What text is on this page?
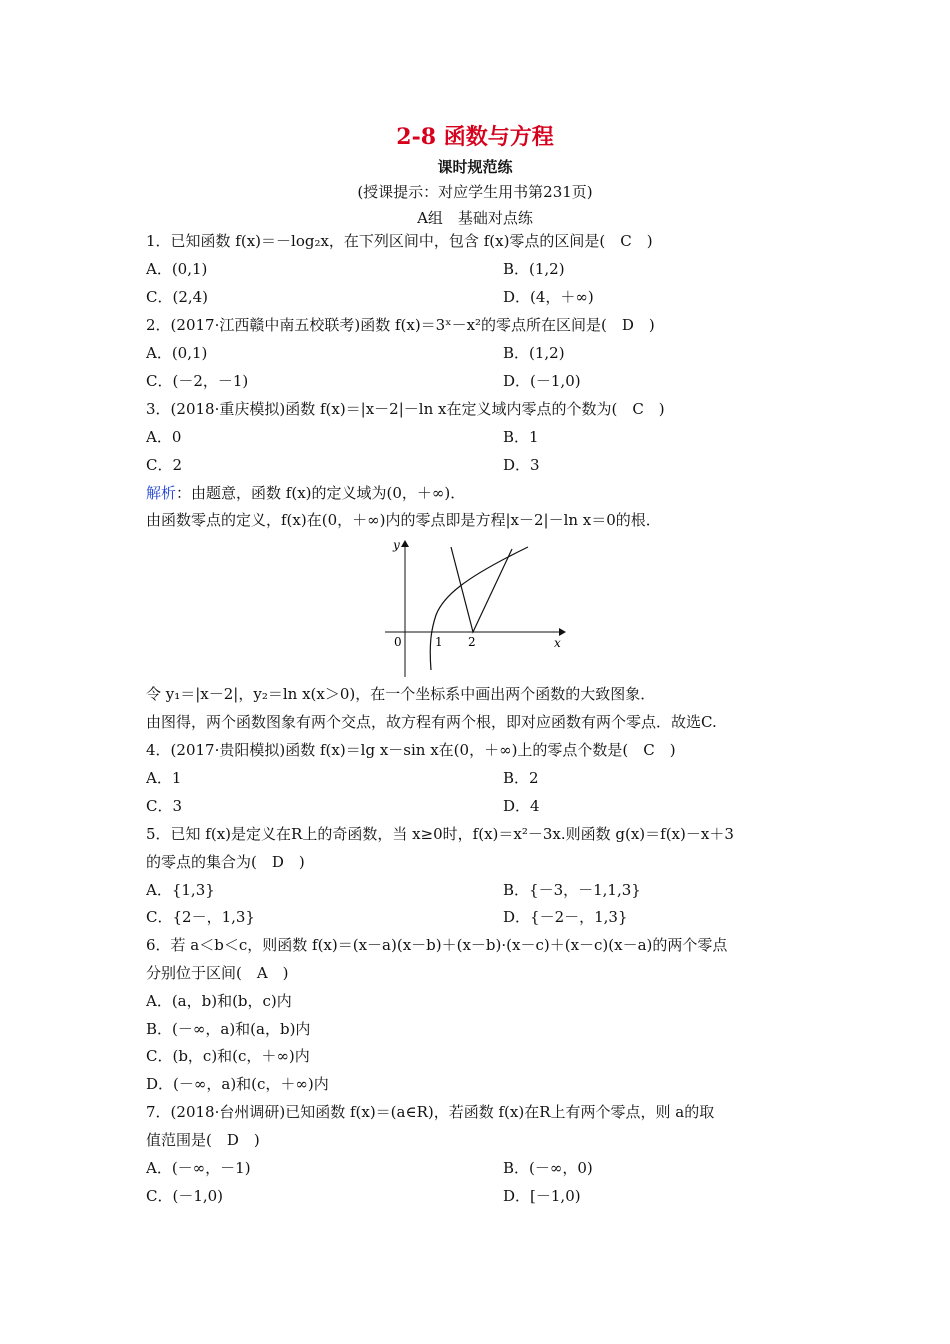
2-8 函数与方程
课时规范练
(授课提示：对应学生用书第231页)
A组　基础对点练
1．已知函数 f(x)＝－log₂x，在下列区间中，包含 f(x)零点的区间是(　C　)
A．(0,1)	B．(1,2)
C．(2,4)	D．(4，＋∞)
2．(2017·江西赣中南五校联考)函数 f(x)＝3ˣ－x²的零点所在区间是(　D　)
A．(0,1)	B．(1,2)
C．(－2，－1)	D．(－1,0)
3．(2018·重庆模拟)函数 f(x)＝|x－2|－ln x在定义域内零点的个数为(　C　)
A．0	B．1
C．2	D．3
解析：由题意，函数 f(x)的定义域为(0，＋∞)．
由函数零点的定义，f(x)在(0，＋∞)内的零点即是方程|x－2|－ln x＝0的根．
y
x
0	1 2
令 y₁＝|x－2|，y₂＝ln x(x＞0)，在一个坐标系中画出两个函数的大致图象．
由图得，两个函数图象有两个交点，故方程有两个根，即对应函数有两个零点．故选C.
4．(2017·贵阳模拟)函数 f(x)＝lg x－sin x在(0，＋∞)上的零点个数是(　C　)
A．1	B．2
C．3	D．4
5．已知 f(x)是定义在R上的奇函数，当 x≥0时，f(x)＝x²－3x.则函数 g(x)＝f(x)－x＋3
的零点的集合为(　D　)
A．{1,3}	B．{－3，－1,1,3}
C．{2－，1,3}	D．{－2－，1,3}
6．若 a＜b＜c，则函数 f(x)＝(x－a)(x－b)＋(x－b)·(x－c)＋(x－c)(x－a)的两个零点
分别位于区间(　A　)
A．(a，b)和(b，c)内
B．(－∞，a)和(a，b)内
C．(b，c)和(c，＋∞)内
D．(－∞，a)和(c，＋∞)内
7．(2018·台州调研)已知函数 f(x)＝(a∈R)，若函数 f(x)在R上有两个零点，则 a的取
值范围是(　D　)
A．(－∞，－1)	B．(－∞，0)
C．(－1,0)	D．[－1,0)
